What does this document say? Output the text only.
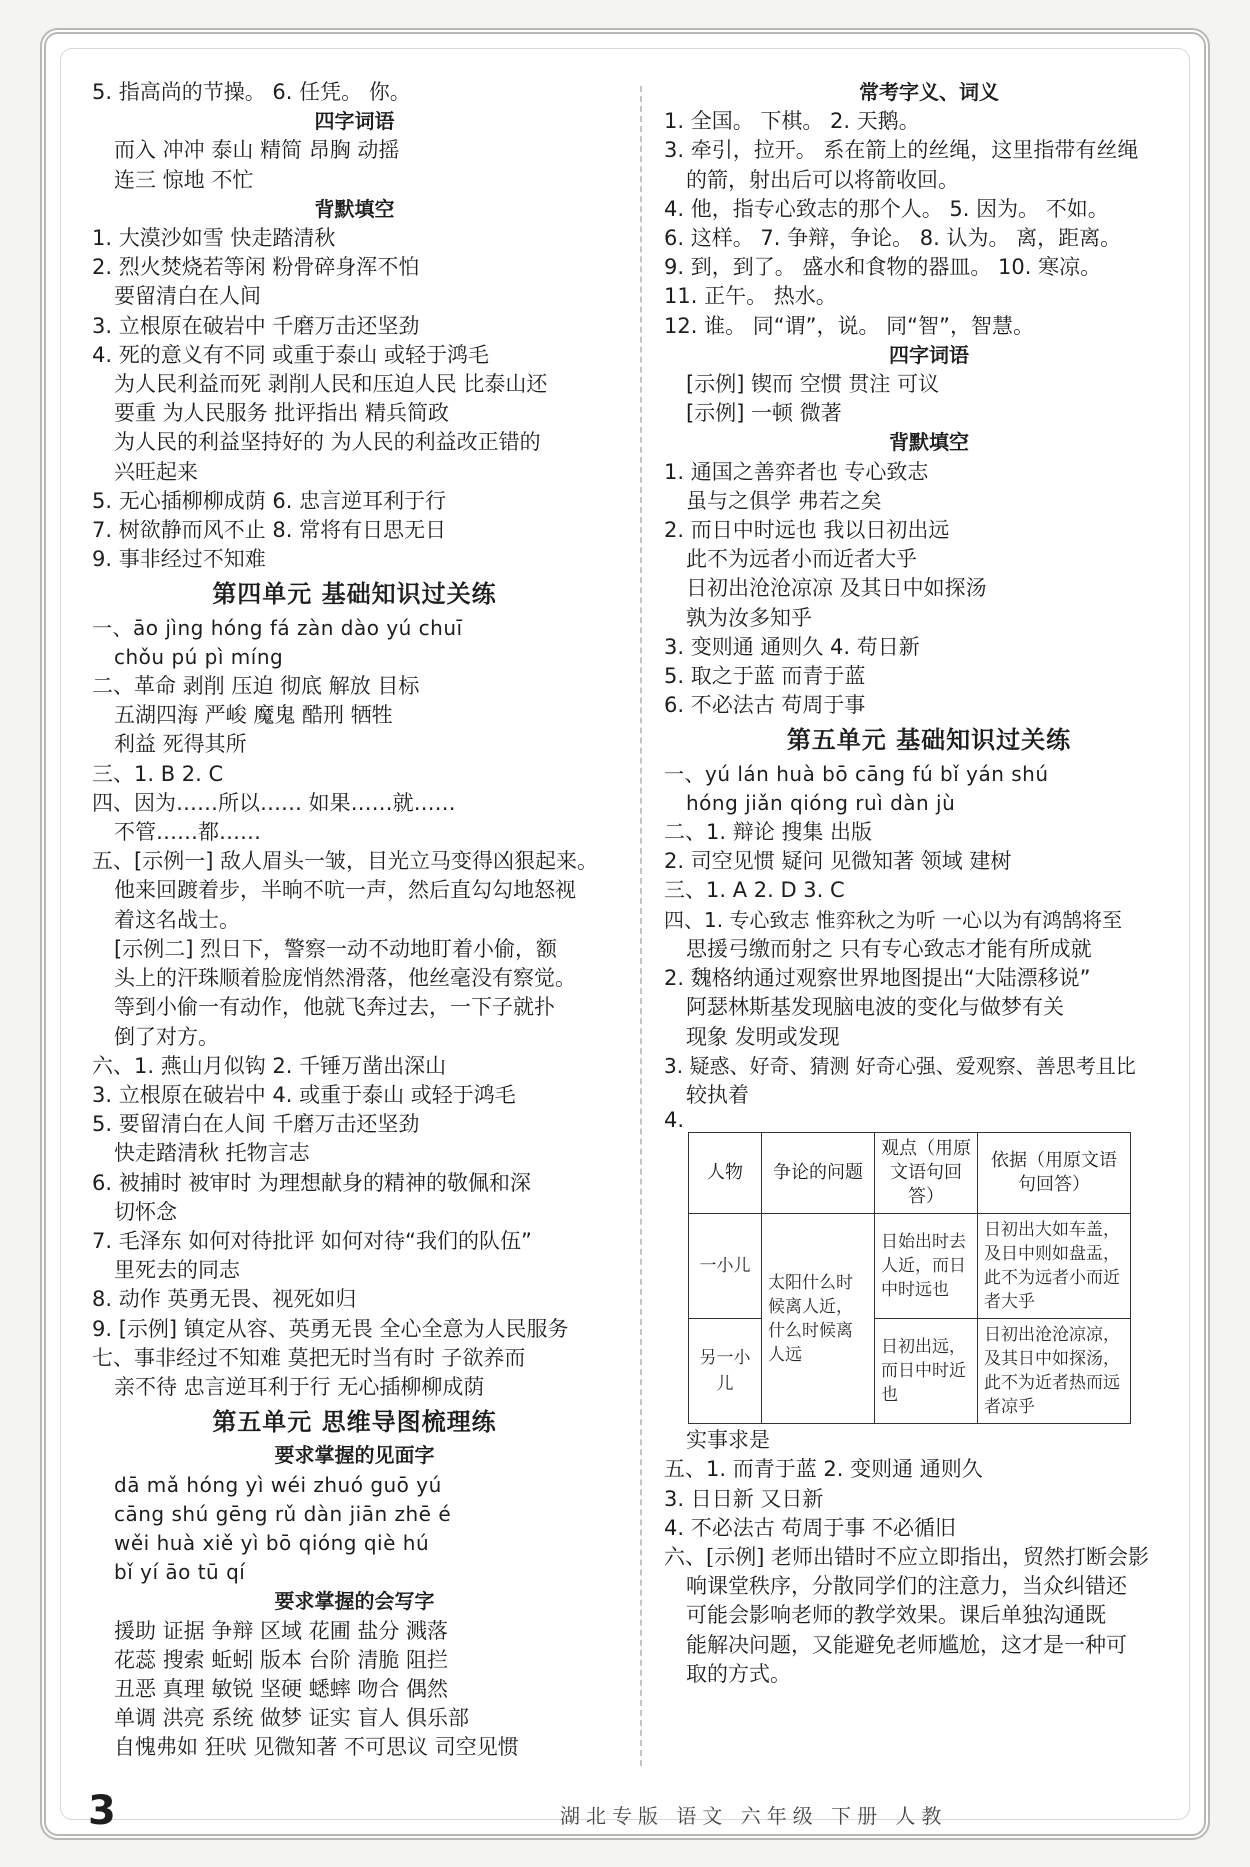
5. 指高尚的节操。 6. 任凭。 你。
四字词语
而入 冲冲 泰山 精简 昂胸 动摇
连三 惊地 不忙
背默填空
1. 大漠沙如雪 快走踏清秋
2. 烈火焚烧若等闲 粉骨碎身浑不怕
要留清白在人间
3. 立根原在破岩中 千磨万击还坚劲
4. 死的意义有不同 或重于泰山 或轻于鸿毛
为人民利益而死 剥削人民和压迫人民 比泰山还
要重 为人民服务 批评指出 精兵简政
为人民的利益坚持好的 为人民的利益改正错的
兴旺起来
5. 无心插柳柳成荫 6. 忠言逆耳利于行
7. 树欲静而风不止 8. 常将有日思无日
9. 事非经过不知难
第四单元 基础知识过关练
一、āo jìng hóng fá zàn dào yú chuī
chǒu pú pì míng
二、革命 剥削 压迫 彻底 解放 目标
五湖四海 严峻 魔鬼 酷刑 牺牲
利益 死得其所
三、1. B 2. C
四、因为……所以…… 如果……就……
不管……都……
五、[示例一] 敌人眉头一皱，目光立马变得凶狠起来。
他来回踱着步，半晌不吭一声，然后直勾勾地怒视
着这名战士。
[示例二] 烈日下，警察一动不动地盯着小偷，额
头上的汗珠顺着脸庞悄然滑落，他丝毫没有察觉。
等到小偷一有动作，他就飞奔过去，一下子就扑
倒了对方。
六、1. 燕山月似钩 2. 千锤万凿出深山
3. 立根原在破岩中 4. 或重于泰山 或轻于鸿毛
5. 要留清白在人间 千磨万击还坚劲
快走踏清秋 托物言志
6. 被捕时 被审时 为理想献身的精神的敬佩和深
切怀念
7. 毛泽东 如何对待批评 如何对待“我们的队伍”
里死去的同志
8. 动作 英勇无畏、视死如归
9. [示例] 镇定从容、英勇无畏 全心全意为人民服务
七、事非经过不知难 莫把无时当有时 子欲养而
亲不待 忠言逆耳利于行 无心插柳柳成荫
第五单元 思维导图梳理练
要求掌握的见面字
dā mǎ hóng yì wéi zhuó guō yú
cāng shú gēng rǔ dàn jiān zhē é
wěi huà xiě yì bō qióng qiè hú
bǐ yí āo tū qí
要求掌握的会写字
援助 证据 争辩 区域 花圃 盐分 溅落
花蕊 搜索 蚯蚓 版本 台阶 清脆 阻拦
丑恶 真理 敏锐 坚硬 蟋蟀 吻合 偶然
单调 洪亮 系统 做梦 证实 盲人 俱乐部
自愧弗如 狂吠 见微知著 不可思议 司空见惯
常考字义、词义
1. 全国。 下棋。 2. 天鹅。
3. 牵引，拉开。 系在箭上的丝绳，这里指带有丝绳
的箭，射出后可以将箭收回。
4. 他，指专心致志的那个人。 5. 因为。 不如。
6. 这样。 7. 争辩，争论。 8. 认为。 离，距离。
9. 到，到了。 盛水和食物的器皿。 10. 寒凉。
11. 正午。 热水。
12. 谁。 同“谓”，说。 同“智”，智慧。
四字词语
[示例] 锲而 空惯 贯注 可议
[示例] 一顿 微著
背默填空
1. 通国之善弈者也 专心致志
虽与之俱学 弗若之矣
2. 而日中时远也 我以日初出远
此不为远者小而近者大乎
日初出沧沧凉凉 及其日中如探汤
孰为汝多知乎
3. 变则通 通则久 4. 苟日新
5. 取之于蓝 而青于蓝
6. 不必法古 苟周于事
第五单元 基础知识过关练
一、yú lán huà bō cāng fú bǐ yán shú
hóng jiǎn qióng ruì dàn jù
二、1. 辩论 搜集 出版
2. 司空见惯 疑问 见微知著 领域 建树
三、1. A 2. D 3. C
四、1. 专心致志 惟弈秋之为听 一心以为有鸿鹄将至
思援弓缴而射之 只有专心致志才能有所成就
2. 魏格纳通过观察世界地图提出“大陆漂移说”
阿瑟林斯基发现脑电波的变化与做梦有关
现象 发明或发现
3. 疑惑、好奇、猜测 好奇心强、爱观察、善思考且比
较执着
4.
人物	争论的问题	观点（用原文语句回答）	依据（用原文语句回答）
一小儿	太阳什么时候离人近，什么时候离人远	日始出时去人近，而日中时远也	日初出大如车盖，及日中则如盘盂，此不为远者小而近者大乎
另一小儿		日初出远，而日中时近也	日初出沧沧凉凉，及其日中如探汤，此不为近者热而远者凉乎
实事求是
五、1. 而青于蓝 2. 变则通 通则久
3. 日日新 又日新
4. 不必法古 苟周于事 不必循旧
六、[示例] 老师出错时不应立即指出，贸然打断会影
响课堂秩序，分散同学们的注意力，当众纠错还
可能会影响老师的教学效果。课后单独沟通既
能解决问题，又能避免老师尴尬，这才是一种可
取的方式。
3	湖北专版 语文 六年级 下册 人教
